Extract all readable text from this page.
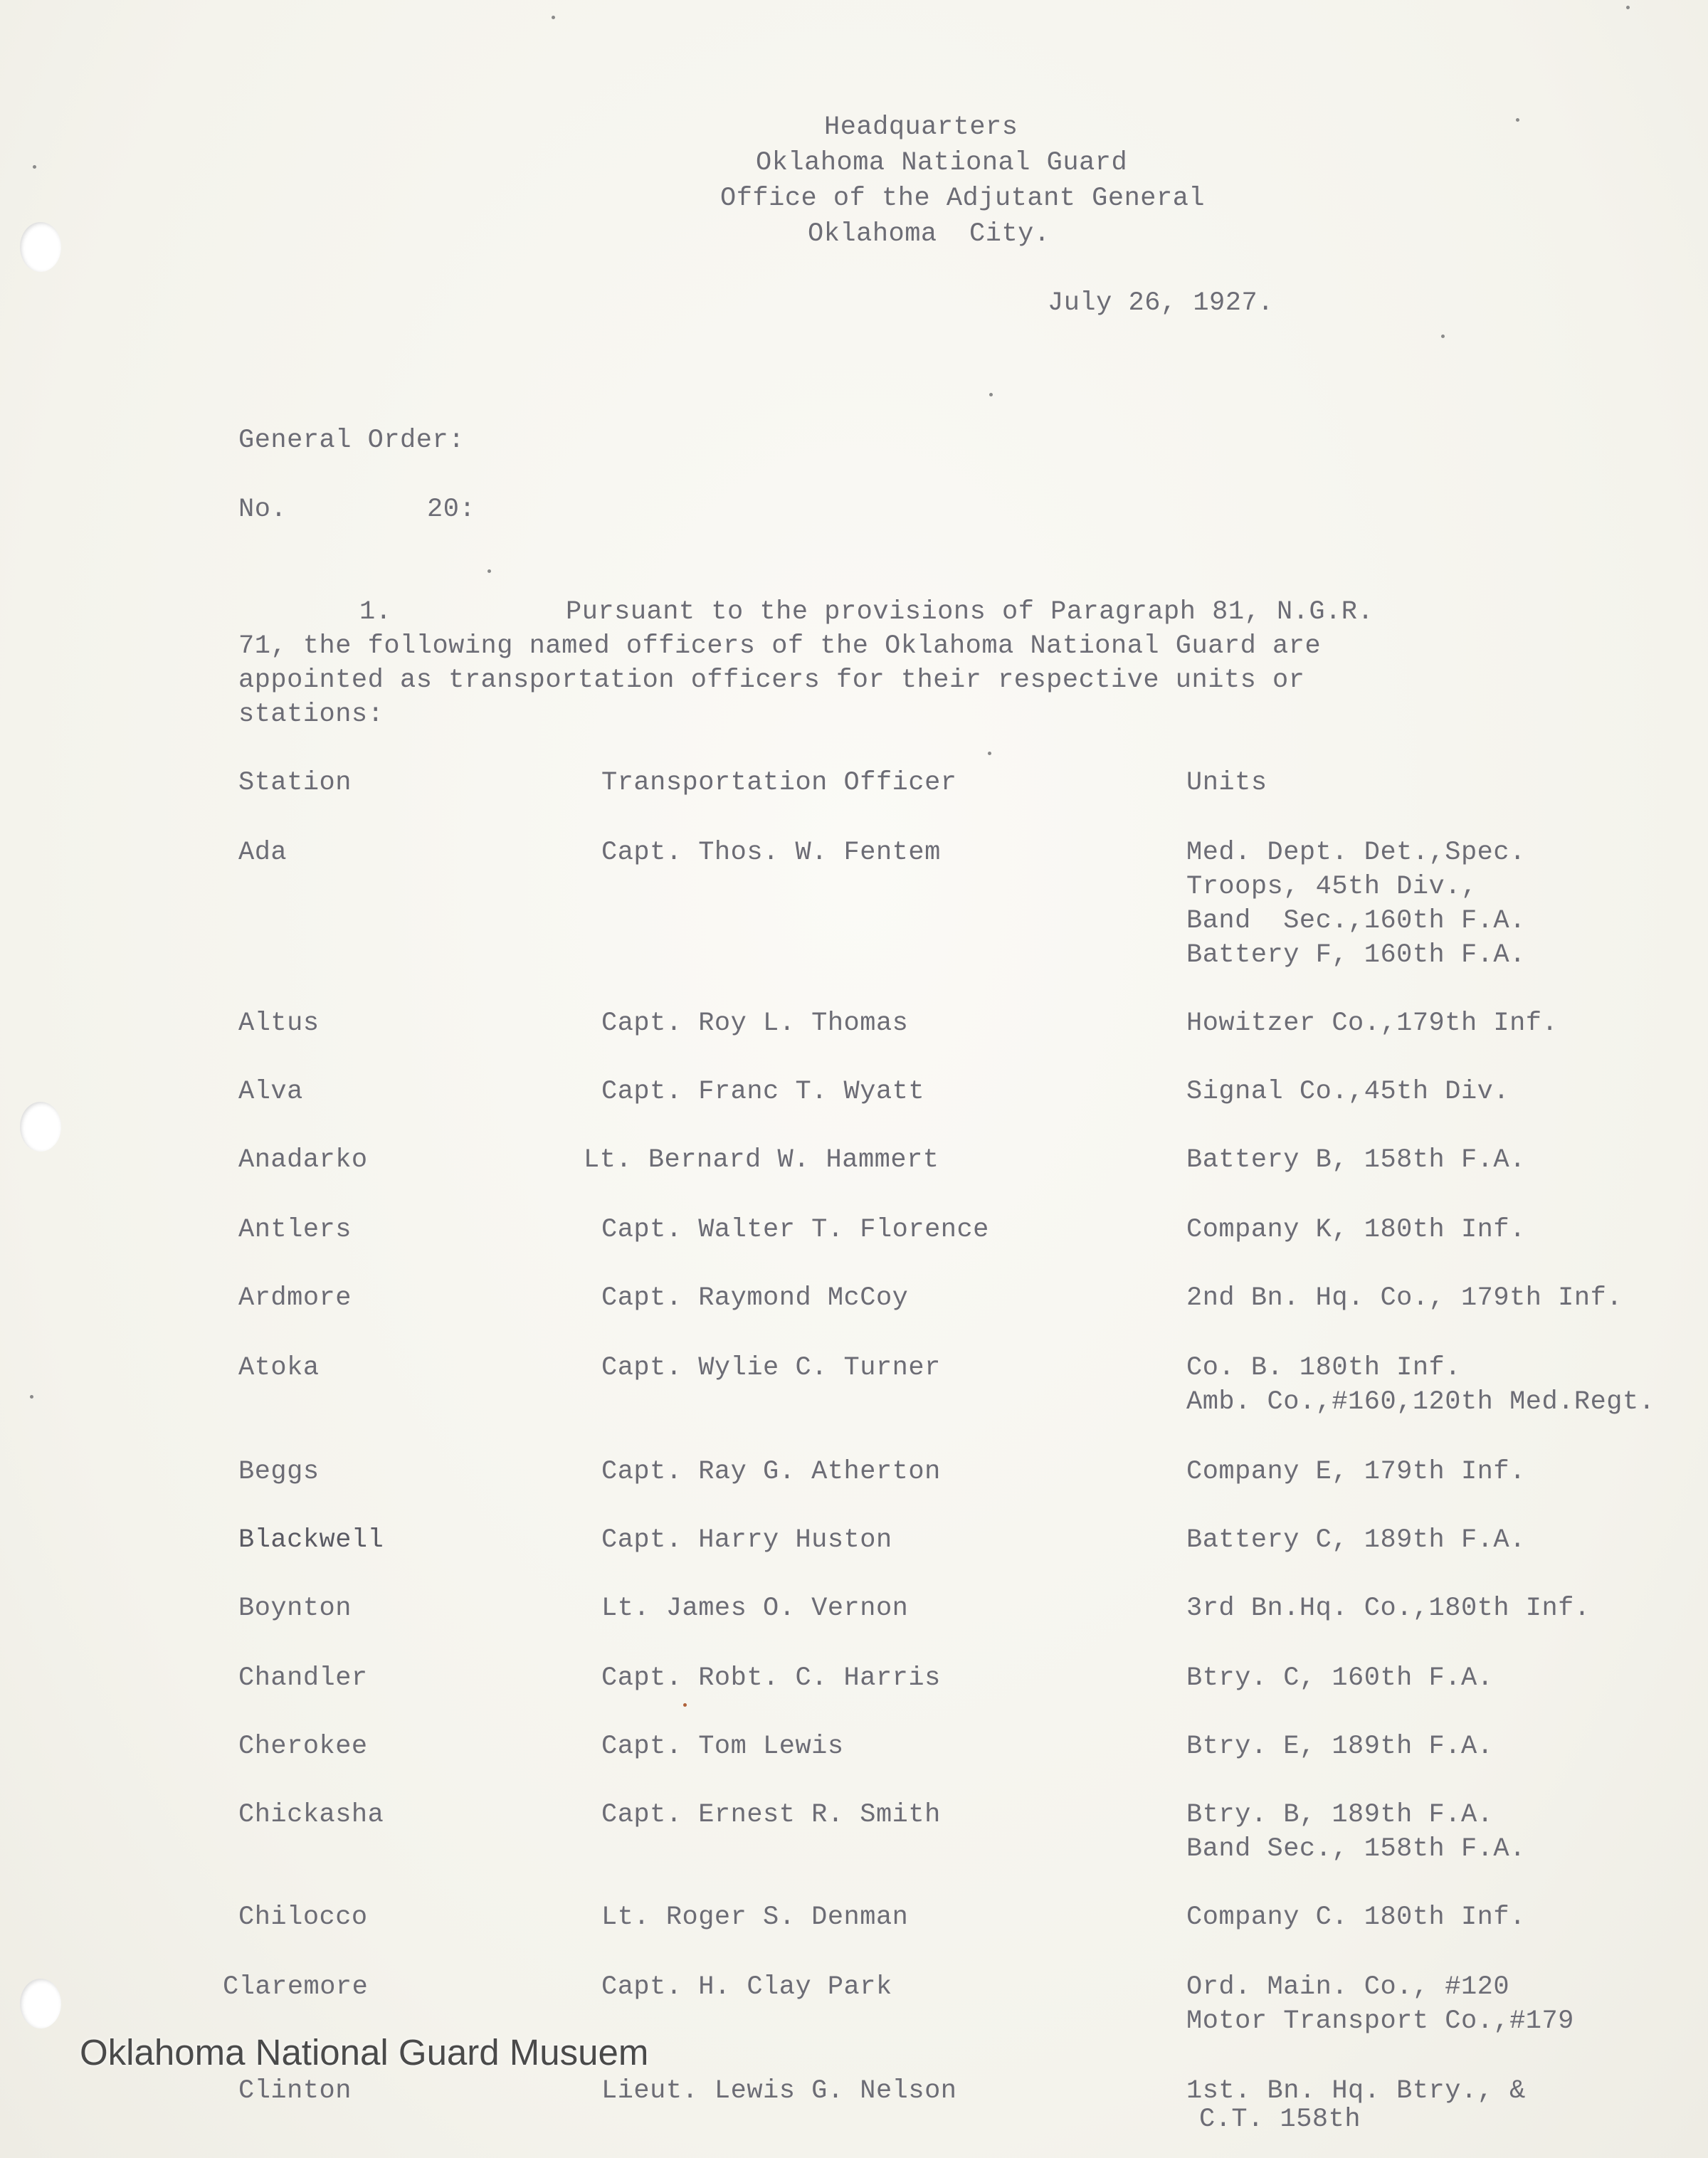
Headquarters
Oklahoma National Guard
Office of the Adjutant General
Oklahoma  City.
July 26, 1927.
General Order:
No.	20:
1.	Pursuant to the provisions of Paragraph 81, N.G.R.
71, the following named officers of the Oklahoma National Guard are
appointed as transportation officers for their respective units or
stations:
Station	Transportation Officer	Units
Ada	Capt. Thos. W. Fentem	Med. Dept. Det.,Spec.
Troops, 45th Div.,
Band  Sec.,160th F.A.
Battery F, 160th F.A.
Altus	Capt. Roy L. Thomas	Howitzer Co.,179th Inf.
Alva	Capt. Franc T. Wyatt	Signal Co.,45th Div.
Anadarko	Lt. Bernard W. Hammert	Battery B, 158th F.A.
Antlers	Capt. Walter T. Florence	Company K, 180th Inf.
Ardmore	Capt. Raymond McCoy	2nd Bn. Hq. Co., 179th Inf.
Atoka	Capt. Wylie C. Turner	Co. B. 180th Inf.
Amb. Co.,#160,120th Med.Regt.
Beggs	Capt. Ray G. Atherton	Company E, 179th Inf.
Blackwell	Capt. Harry Huston	Battery C, 189th F.A.
Boynton	Lt. James O. Vernon	3rd Bn.Hq. Co.,180th Inf.
Chandler	Capt. Robt. C. Harris	Btry. C, 160th F.A.
Cherokee	Capt. Tom Lewis	Btry. E, 189th F.A.
Chickasha	Capt. Ernest R. Smith	Btry. B, 189th F.A.
Band Sec., 158th F.A.
Chilocco	Lt. Roger S. Denman	Company C. 180th Inf.
Claremore	Capt. H. Clay Park	Ord. Main. Co., #120
Motor Transport Co.,#179
Clinton	Lieut. Lewis G. Nelson	1st. Bn. Hq. Btry., &
C.T. 158th
Oklahoma National Guard Musuem
